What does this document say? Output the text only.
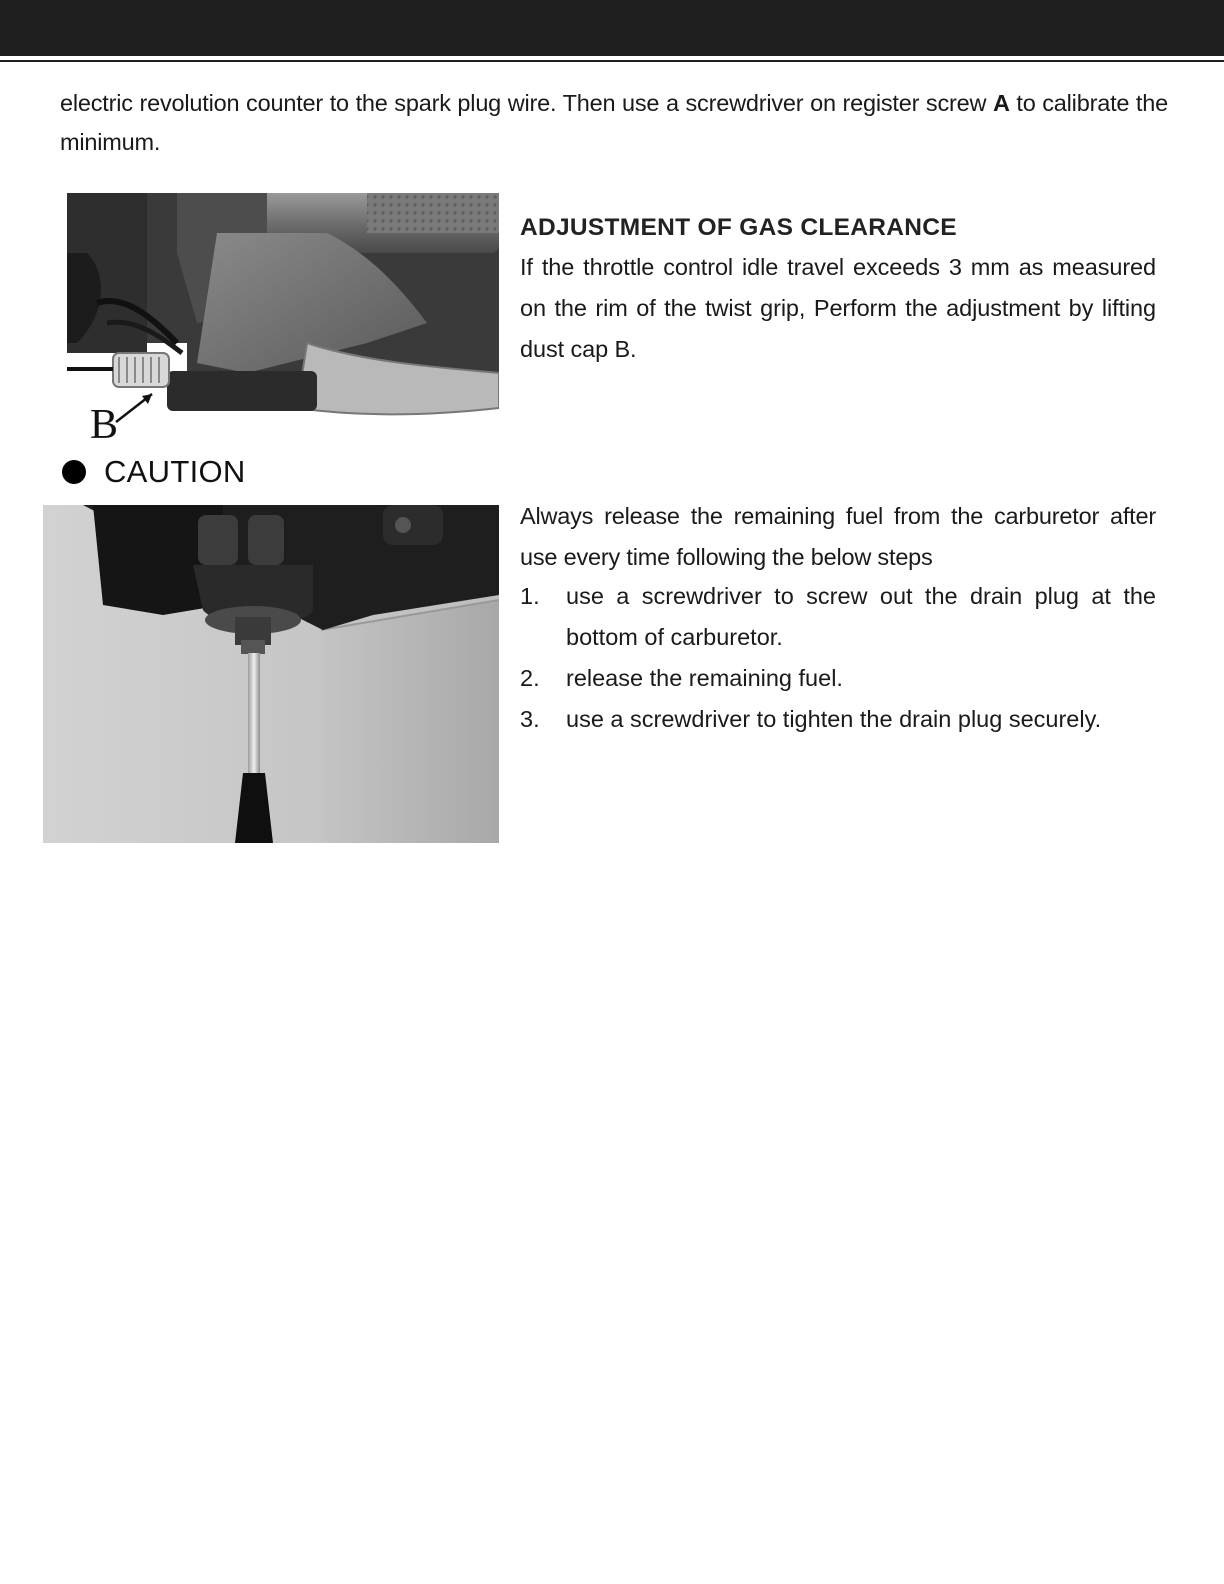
electric revolution counter to the spark plug wire. Then use a screwdriver on register screw A to calibrate the minimum.

B
ADJUSTMENT OF GAS CLEARANCE

If the throttle control idle travel exceeds 3 mm as measured on the rim of the twist grip, Perform the adjustment by lifting dust cap B.

CAUTION

Always release the remaining fuel from the carburetor after use every time following the below steps

1.	use a screwdriver to screw out the drain plug at the bottom of carburetor.
2.	release the remaining fuel.
3.	use a screwdriver to tighten the drain plug securely.
